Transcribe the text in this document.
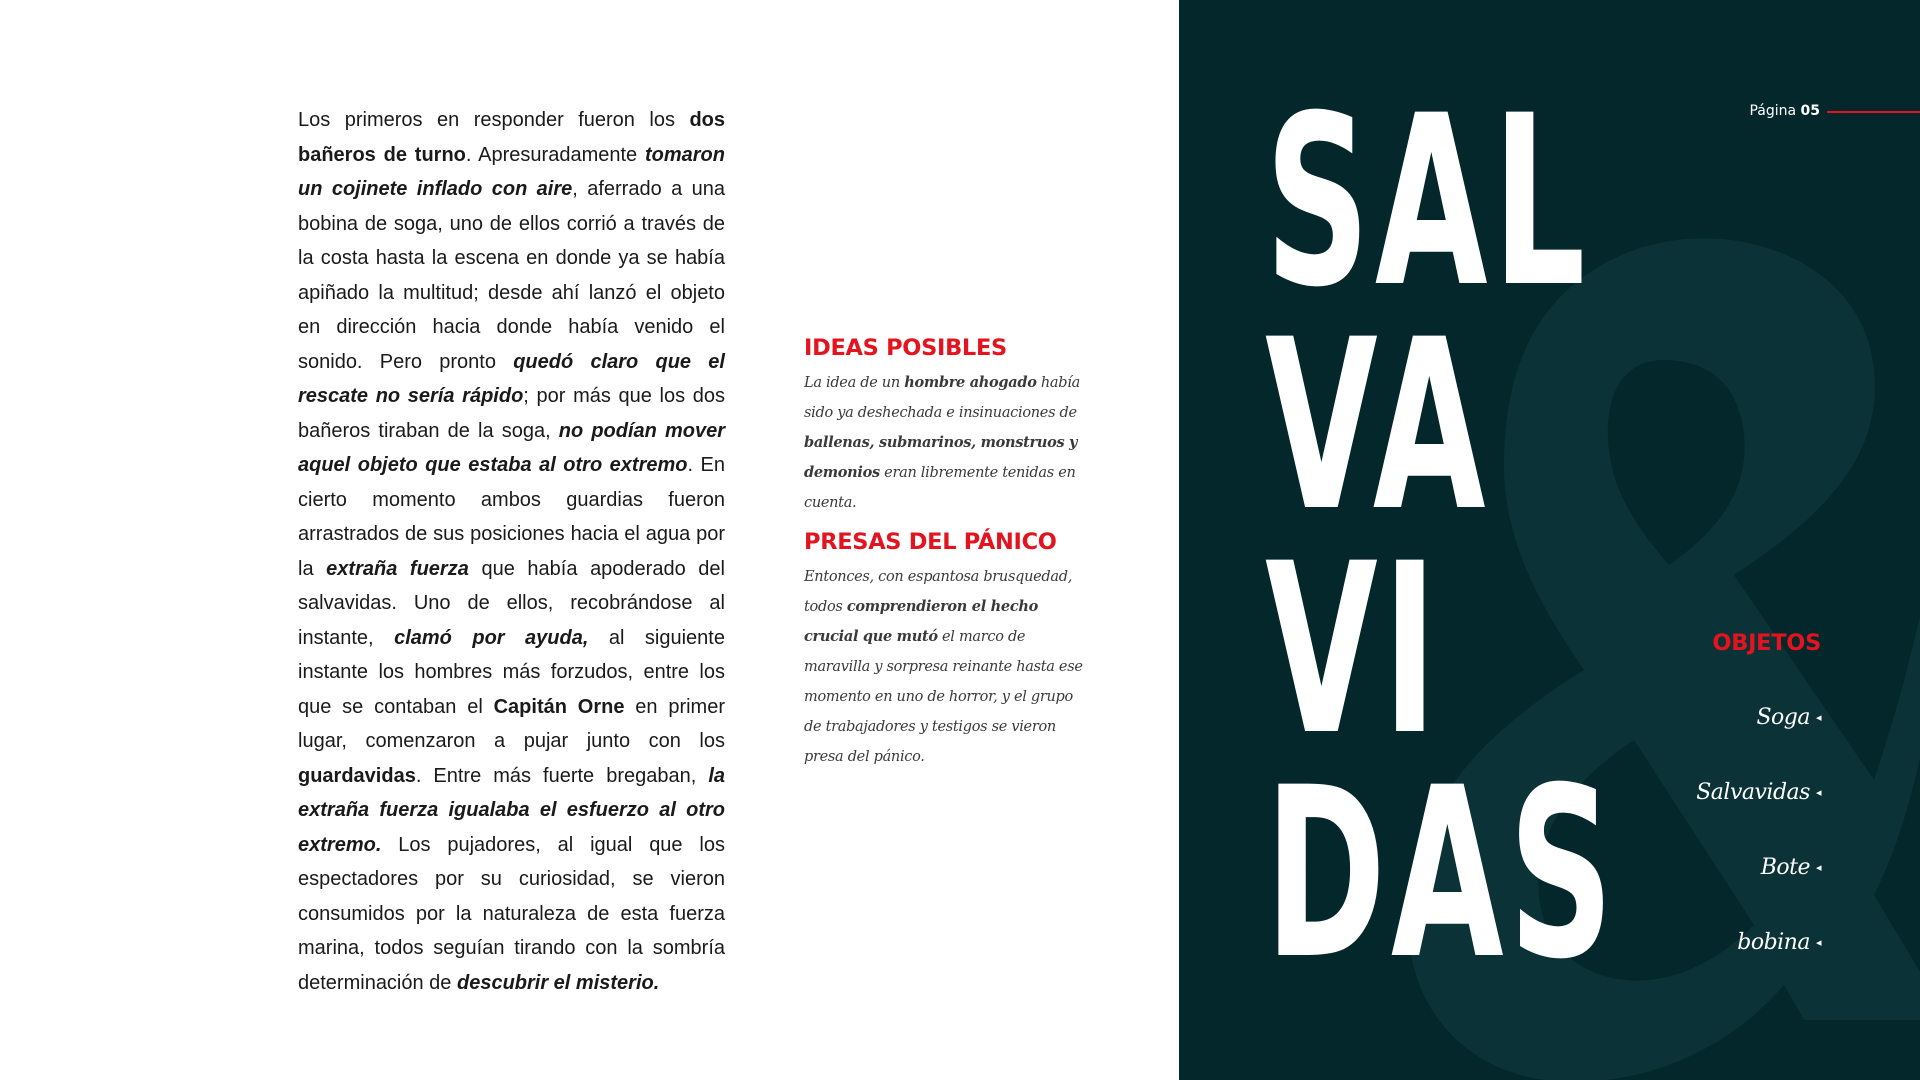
Los primeros en responder fueron los dos bañeros de turno. Apresuradamente tomaron un cojinete inflado con aire, aferrado a una bobina de soga, uno de ellos corrió a través de la costa hasta la escena en donde ya se había apiñado la multitud; desde ahí lanzó el objeto en dirección hacia donde había venido el sonido. Pero pronto quedó claro que el rescate no sería rápido; por más que los dos bañeros tiraban de la soga, no podían mover aquel objeto que estaba al otro extremo. En cierto momento ambos guardias fueron arrastrados de sus posiciones hacia el agua por la extraña fuerza que había apoderado del salvavidas. Uno de ellos, recobrándose al instante, clamó por ayuda, al siguiente instante los hombres más forzudos, entre los que se contaban el Capitán Orne en primer lugar, comenzaron a pujar junto con los guardavidas. Entre más fuerte bregaban, la extraña fuerza igualaba el esfuerzo al otro extremo. Los pujadores, al igual que los espectadores por su curiosidad, se vieron consumidos por la naturaleza de esta fuerza marina, todos seguían tirando con la sombría determinación de descubrir el misterio.
IDEAS POSIBLES
La idea de un hombre ahogado había sido ya deshechada e insinuaciones de ballenas, submarinos, monstruos y demonios eran libremente tenidas en cuenta.
PRESAS DEL PÁNICO
Entonces, con espantosa brusquedad, todos comprendieron el hecho crucial que mutó el marco de maravilla y sorpresa reinante hasta ese momento en uno de horror, y el grupo de trabajadores y testigos se vieron presa del pánico.
SAL
VA
VI
DAS
Página 05
OBJETOS
Soga ◂
Salvavidas ◂
Bote ◂
bobina ◂
